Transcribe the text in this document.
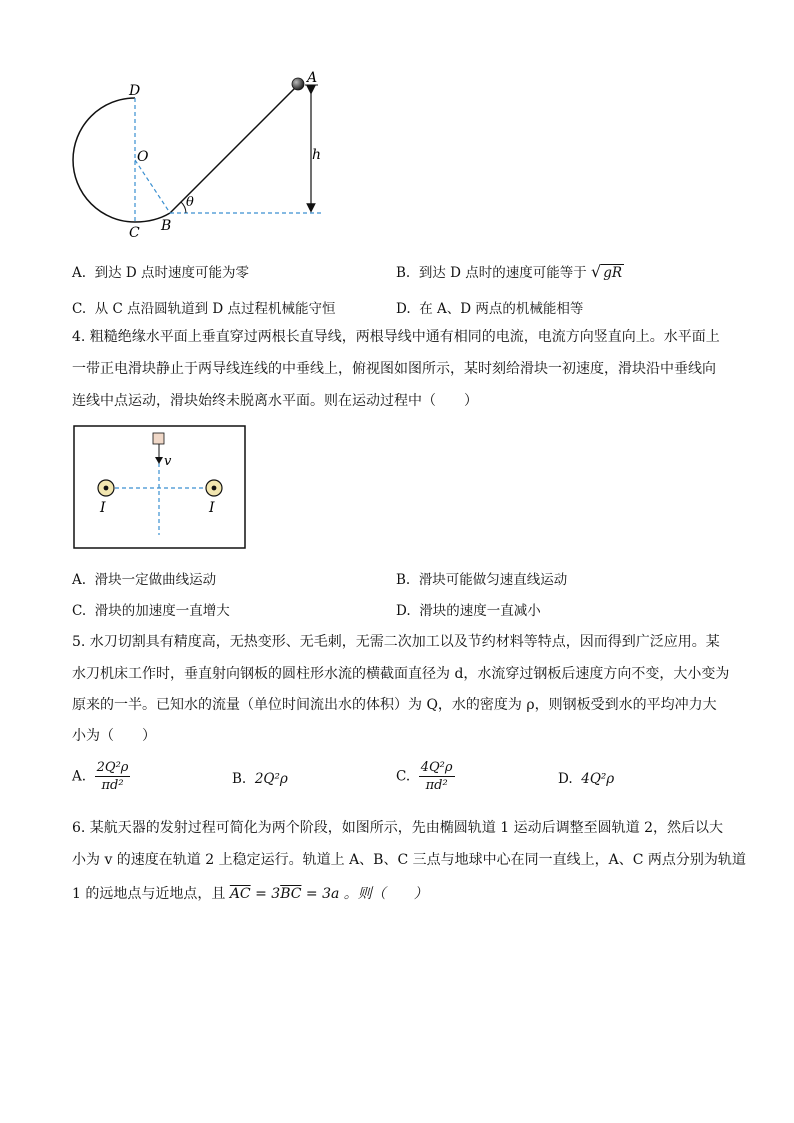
A
D
O	h
θ
B
C
A. 到达 D 点时速度可能为零	B. 到达 D 点时的速度可能等于 √ gR
C. 从 C 点沿圆轨道到 D 点过程机械能守恒	D. 在 A、D 两点的机械能相等
4. 粗糙绝缘水平面上垂直穿过两根长直导线，两根导线中通有相同的电流，电流方向竖直向上。水平面上
一带正电滑块静止于两导线连线的中垂线上，俯视图如图所示，某时刻给滑块一初速度，滑块沿中垂线向
连线中点运动，滑块始终未脱离水平面。则在运动过程中（　　）
v
I	I
A. 滑块一定做曲线运动	B. 滑块可能做匀速直线运动
C. 滑块的加速度一直增大	D. 滑块的速度一直减小
5. 水刀切割具有精度高，无热变形、无毛刺，无需二次加工以及节约材料等特点，因而得到广泛应用。某
水刀机床工作时，垂直射向钢板的圆柱形水流的横截面直径为 d，水流穿过钢板后速度方向不变，大小变为
原来的一半。已知水的流量（单位时间流出水的体积）为 Q，水的密度为 ρ，则钢板受到水的平均冲力大
小为（　　）
A. $\frac{\text{2Q²ρ}}{\text{πd²}}$	B. 2Q²ρ	C. $\frac{\text{4Q²ρ}}{\text{πd²}}$	D. 4Q²ρ
6. 某航天器的发射过程可简化为两个阶段，如图所示，先由椭圆轨道 1 运动后调整至圆轨道 2，然后以大
小为 v 的速度在轨道 2 上稳定运行。轨道上 A、B、C 三点与地球中心在同一直线上，A、C 两点分别为轨道
1 的远地点与近地点，且 $\overline{AC} = 3\overline{BC} = 3a$ 。则（　　）
